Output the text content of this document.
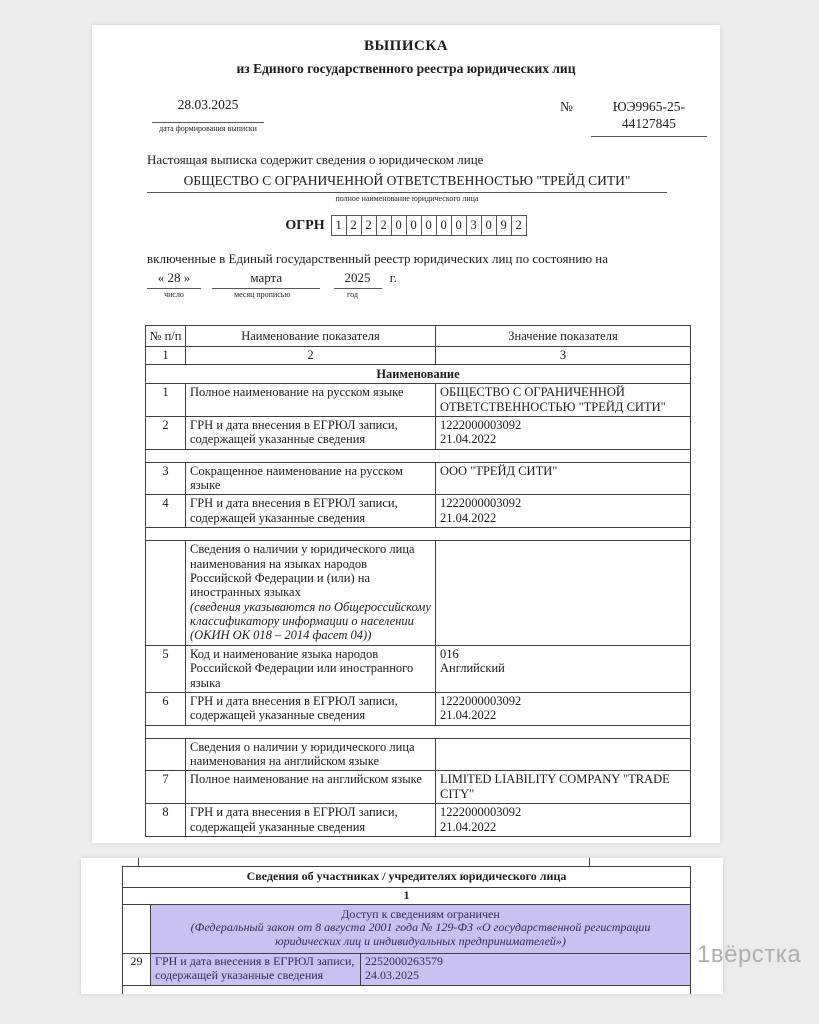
ВЫПИСКА
из Единого государственного реестра юридических лиц
28.03.2025
дата формирования выписки
№	ЮЭ9965-25-
44127845
Настоящая выписка содержит сведения о юридическом лице
ОБЩЕСТВО С ОГРАНИЧЕННОЙ ОТВЕТСТВЕННОСТЬЮ "ТРЕЙД СИТИ"
полное наименование юридического лица
ОГРН 1 2 2 2 0 0 0 0 0 3 0 9 2
включенные в Единый государственный реестр юридических лиц по состоянию на
« 28 »
число

марта
месяц прописью

2025
год
г.
№ п/п	Наименование показателя	Значение показателя
1	2	3
Наименование		
1	Полное наименование на русском языке	ОБЩЕСТВО С ОГРАНИЧЕННОЙ ОТВЕТСТВЕННОСТЬЮ "ТРЕЙД СИТИ"

2	ГРН и дата внесения в ЕГРЮЛ записи, содержащей указанные сведения	1222000003092
21.04.2022

3	Сокращенное наименование на русском языке	ООО "ТРЕЙД СИТИ"

4	ГРН и дата внесения в ЕГРЮЛ записи, содержащей указанные сведения	1222000003092
21.04.2022

	Сведения о наличии у юридического лица наименования на языках народов Российской Федерации и (или) на иностранных языках
(сведения указываются по Общероссийскому классификатору информации о населении (ОКИН ОК 018 – 2014 фасет 04))	

5	Код и наименование языка народов Российской Федерации или иностранного языка	016
Английский

6	ГРН и дата внесения в ЕГРЮЛ записи, содержащей указанные сведения	1222000003092
21.04.2022

	Сведения о наличии у юридического лица наименования на английском языке	

7	Полное наименование на английском языке	LIMITED LIABILITY COMPANY "TRADE CITY"

8	ГРН и дата внесения в ЕГРЮЛ записи, содержащей указанные сведения	1222000003092
21.04.2022
Сведения об участниках / учредителях юридического лица		
1		

	Доступ к сведениям ограничен
(Федеральный закон от 8 августа 2001 года № 129-ФЗ «О государственной регистрации юридических лиц и индивидуальных предпринимателей»)	

29	ГРН и дата внесения в ЕГРЮЛ записи, содержащей указанные сведения	2252000263579
24.03.2025

1вёрстка
